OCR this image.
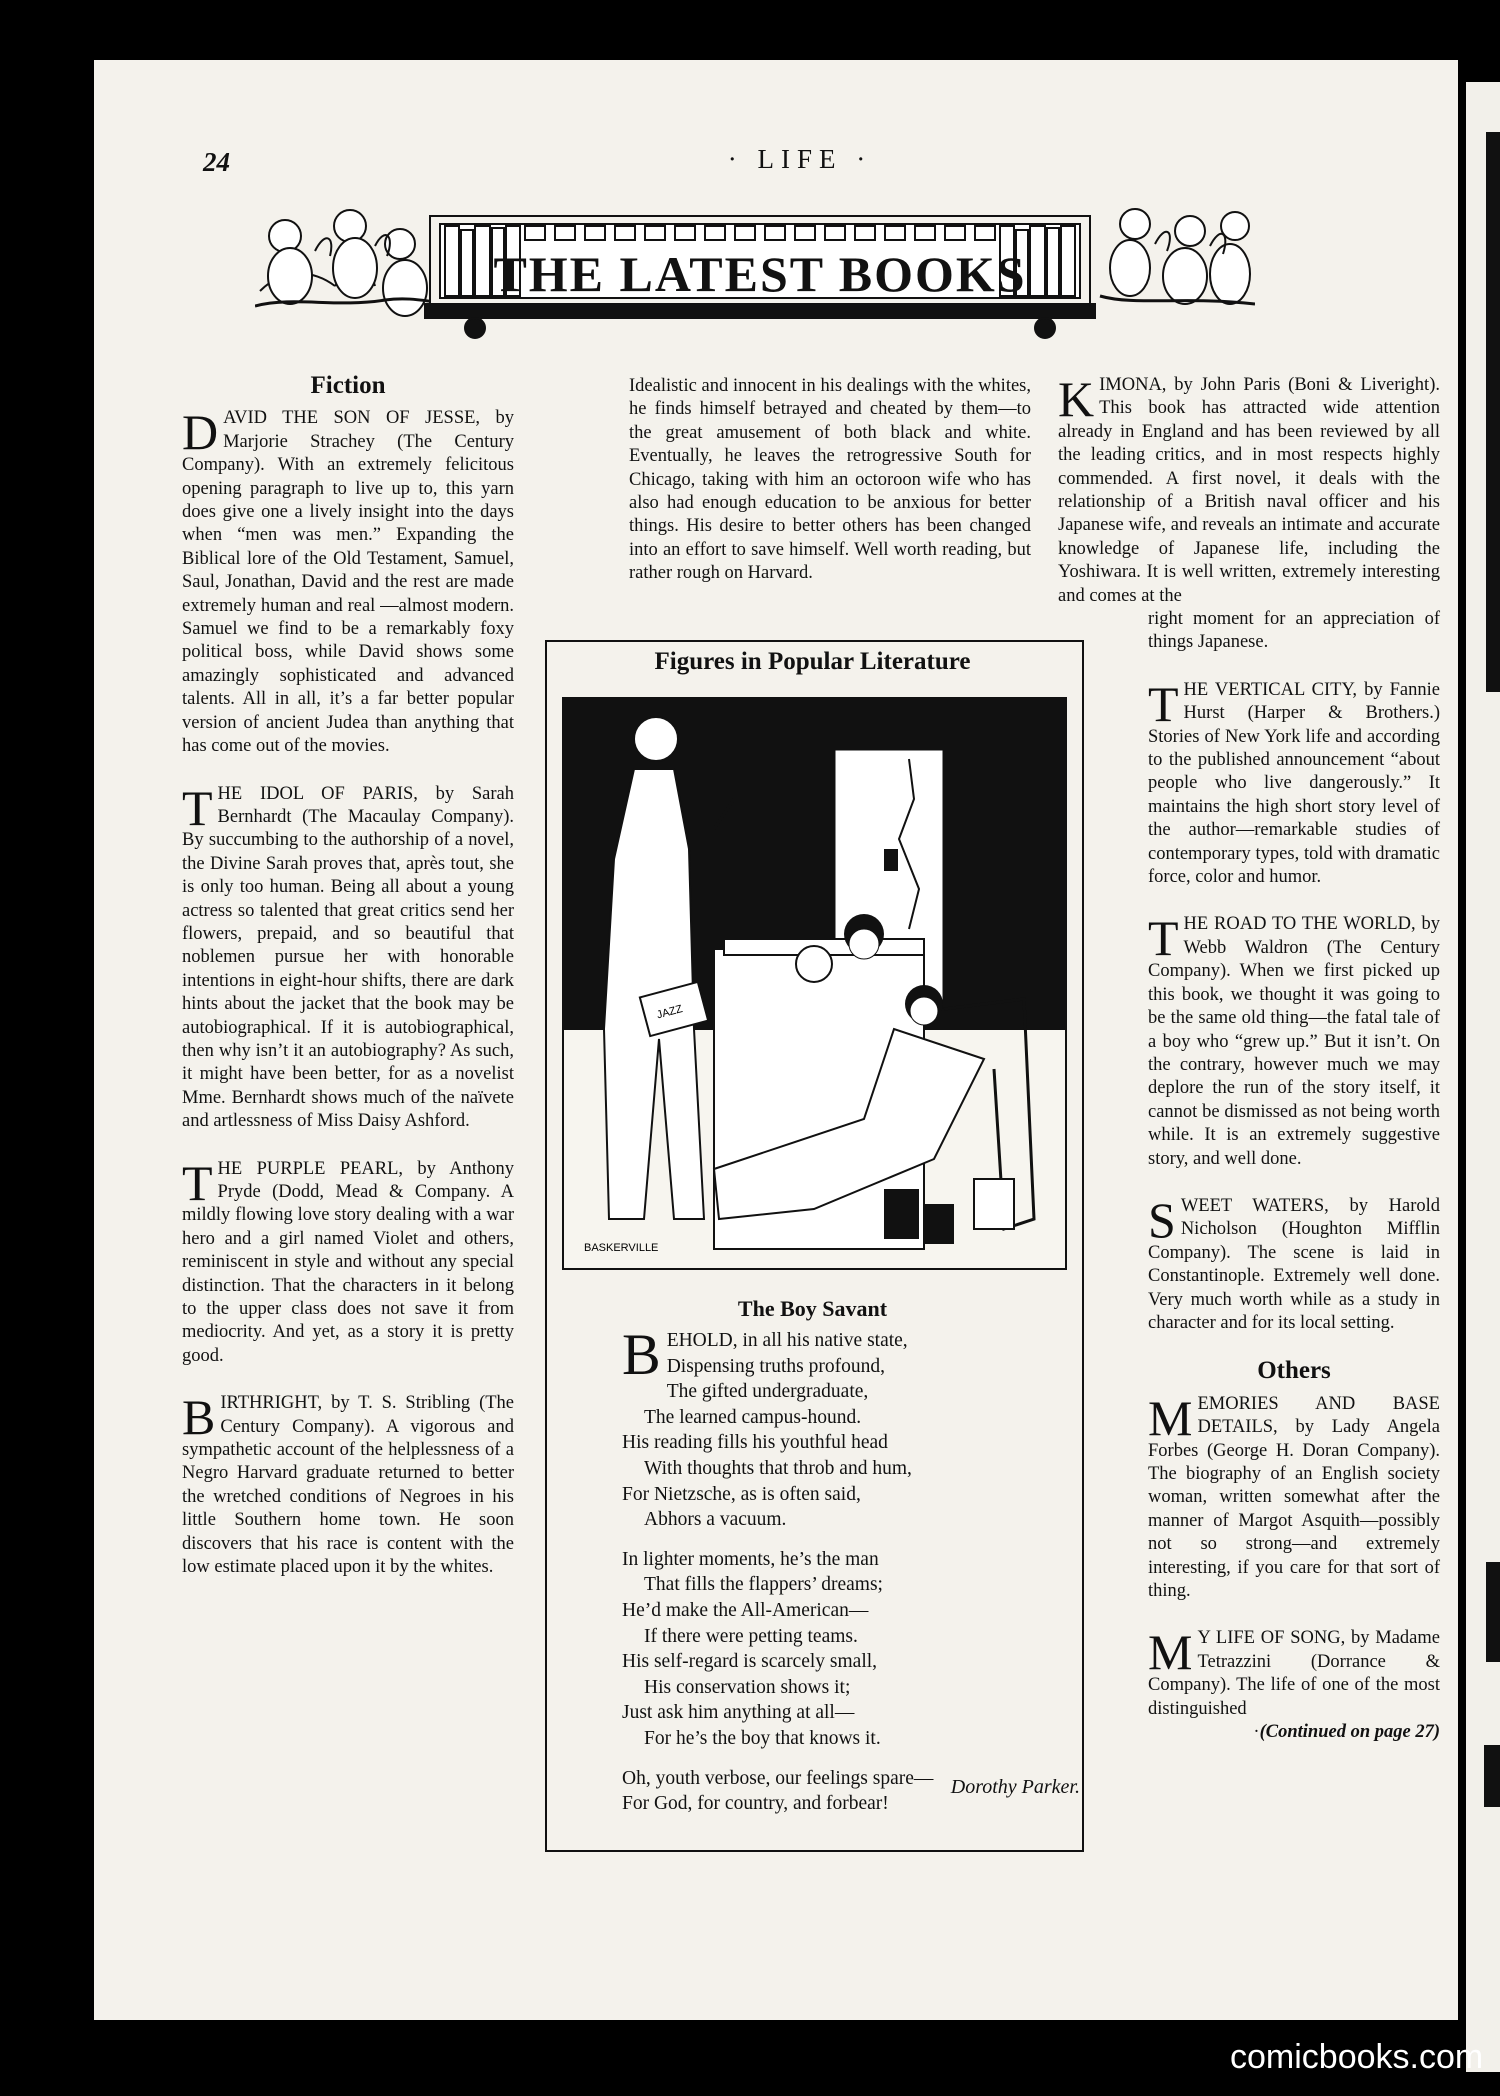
24	· LIFE ·
THE LATEST BOOKS
Fiction

DAVID THE SON OF JESSE, by Marjorie Strachey (The Century Company). With an extremely felicitous opening paragraph to live up to, this yarn does give one a lively insight into the days when “men was men.” Expanding the Biblical lore of the Old Testament, Samuel, Saul, Jonathan, David and the rest are made extremely human and real —almost modern. Samuel we find to be a remarkably foxy political boss, while David shows some amazingly sophisticated and advanced talents. All in all, it’s a far better popular version of ancient Judea than anything that has come out of the movies.

THE IDOL OF PARIS, by Sarah Bernhardt (The Macaulay Company). By succumbing to the authorship of a novel, the Divine Sarah proves that, après tout, she is only too human. Being all about a young actress so talented that great critics send her flowers, prepaid, and so beautiful that noblemen pursue her with honorable intentions in eight-hour shifts, there are dark hints about the jacket that the book may be autobiographical. If it is autobiographical, then why isn’t it an autobiography? As such, it might have been better, for as a novelist Mme. Bernhardt shows much of the naïvete and artlessness of Miss Daisy Ashford.

THE PURPLE PEARL, by Anthony Pryde (Dodd, Mead & Company. A mildly flowing love story dealing with a war hero and a girl named Violet and others, reminiscent in style and without any special distinction. That the characters in it belong to the upper class does not save it from mediocrity. And yet, as a story it is pretty good.

BIRTHRIGHT, by T. S. Stribling (The Century Company). A vigorous and sympathetic account of the helplessness of a Negro Harvard graduate returned to better the wretched conditions of Negroes in his little Southern home town. He soon discovers that his race is content with the low estimate placed upon it by the whites.

Idealistic and innocent in his dealings with the whites, he finds himself betrayed and cheated by them—to the great amusement of both black and white. Eventually, he leaves the retrogressive South for Chicago, taking with him an octoroon wife who has also had enough education to be anxious for better things. His desire to better others has been changed into an effort to save himself. Well worth reading, but rather rough on Harvard.

Figures in Popular Literature
JAZZ
BASKERVILLE
The Boy Savant
BEHOLD, in all his native state,
Dispensing truths profound,
The gifted undergraduate,
The learned campus-hound.
His reading fills his youthful head
With thoughts that throb and hum,
For Nietzsche, as is often said,
Abhors a vacuum.
In lighter moments, he’s the man
That fills the flappers’ dreams;
He’d make the All-American—
If there were petting teams.
His self-regard is scarcely small,
His conservation shows it;
Just ask him anything at all—
For he’s the boy that knows it.
Oh, youth verbose, our feelings spare—
For God, for country, and forbear!
Dorothy Parker.

KIMONA, by John Paris (Boni & Liveright). This book has attracted wide attention already in England and has been reviewed by all the leading critics, and in most respects highly commended. A first novel, it deals with the relationship of a British naval officer and his Japanese wife, and reveals an intimate and accurate knowledge of Japanese life, including the Yoshiwara. It is well written, extremely interesting and comes at the

right moment for an appreciation of things Japanese.

THE VERTICAL CITY, by Fannie Hurst (Harper & Brothers.) Stories of New York life and according to the published announcement “about people who live dangerously.” It maintains the high short story level of the author—remarkable studies of contemporary types, told with dramatic force, color and humor.

THE ROAD TO THE WORLD, by Webb Waldron (The Century Company). When we first picked up this book, we thought it was going to be the same old thing—the fatal tale of a boy who “grew up.” But it isn’t. On the contrary, however much we may deplore the run of the story itself, it cannot be dismissed as not being worth while. It is an extremely suggestive story, and well done.

SWEET WATERS, by Harold Nicholson (Houghton Mifflin Company). The scene is laid in Constantinople. Extremely well done. Very much worth while as a study in character and for its local setting.

Others

MEMORIES AND BASE DETAILS, by Lady Angela Forbes (George H. Doran Company). The biography of an English society woman, written somewhat after the manner of Margot Asquith—possibly not so strong—and extremely interesting, if you care for that sort of thing.

M Y LIFE OF SONG, by Madame Tetrazzini (Dorrance & Company). The life of one of the most distinguished

·(Continued on page 27)
comicbooks.com
